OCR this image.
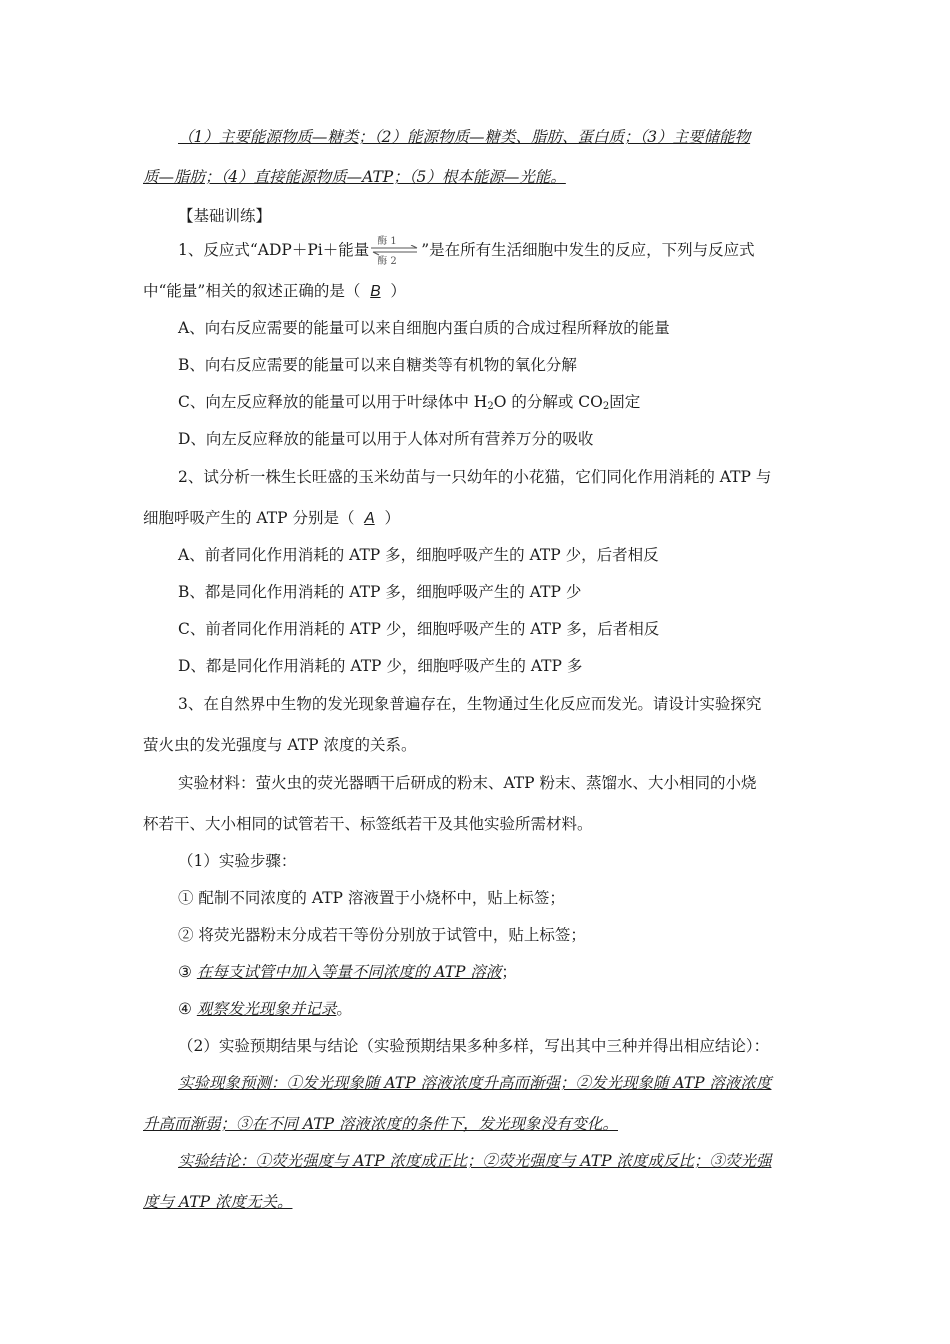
（1）主要能源物质—糖类；（2）能源物质—糖类、脂肪、蛋白质；（3）主要储能物
质—脂肪；（4）直接能源物质—ATP；（5）根本能源—光能。
【基础训练】
1、反应式“ADP＋Pi＋能量 酶 1
酶 2
”是在所有生活细胞中发生的反应，下列与反应式
中“能量”相关的叙述正确的是（ B ）
A、向右反应需要的能量可以来自细胞内蛋白质的合成过程所释放的能量
B、向右反应需要的能量可以来自糖类等有机物的氧化分解
C、向左反应释放的能量可以用于叶绿体中 $H_2O$ 的分解或 $CO_2$固定
D、向左反应释放的能量可以用于人体对所有营养万分的吸收
2、试分析一株生长旺盛的玉米幼苗与一只幼年的小花猫，它们同化作用消耗的 ATP 与
细胞呼吸产生的 ATP 分别是（ A ）
A、前者同化作用消耗的 ATP 多，细胞呼吸产生的 ATP 少，后者相反
B、都是同化作用消耗的 ATP 多，细胞呼吸产生的 ATP 少
C、前者同化作用消耗的 ATP 少，细胞呼吸产生的 ATP 多，后者相反
D、都是同化作用消耗的 ATP 少，细胞呼吸产生的 ATP 多
3、在自然界中生物的发光现象普遍存在，生物通过生化反应而发光。请设计实验探究
萤火虫的发光强度与 ATP 浓度的关系。
实验材料：萤火虫的荧光器晒干后研成的粉末、ATP 粉末、蒸馏水、大小相同的小烧
杯若干、大小相同的试管若干、标签纸若干及其他实验所需材料。
（1）实验步骤：
① 配制不同浓度的 ATP 溶液置于小烧杯中，贴上标签；
② 将荧光器粉末分成若干等份分别放于试管中，贴上标签；
③ 在每支试管中加入等量不同浓度的 ATP 溶液；
④ 观察发光现象并记录。
（2）实验预期结果与结论（实验预期结果多种多样，写出其中三种并得出相应结论）：
实验现象预测：①发光现象随 ATP 溶液浓度升高而渐强；②发光现象随 ATP 溶液浓度
升高而渐弱；③在不同 ATP 溶液浓度的条件下，发光现象没有变化。
实验结论：①荧光强度与 ATP 浓度成正比；②荧光强度与 ATP 浓度成反比；③荧光强
度与 ATP 浓度无关。
